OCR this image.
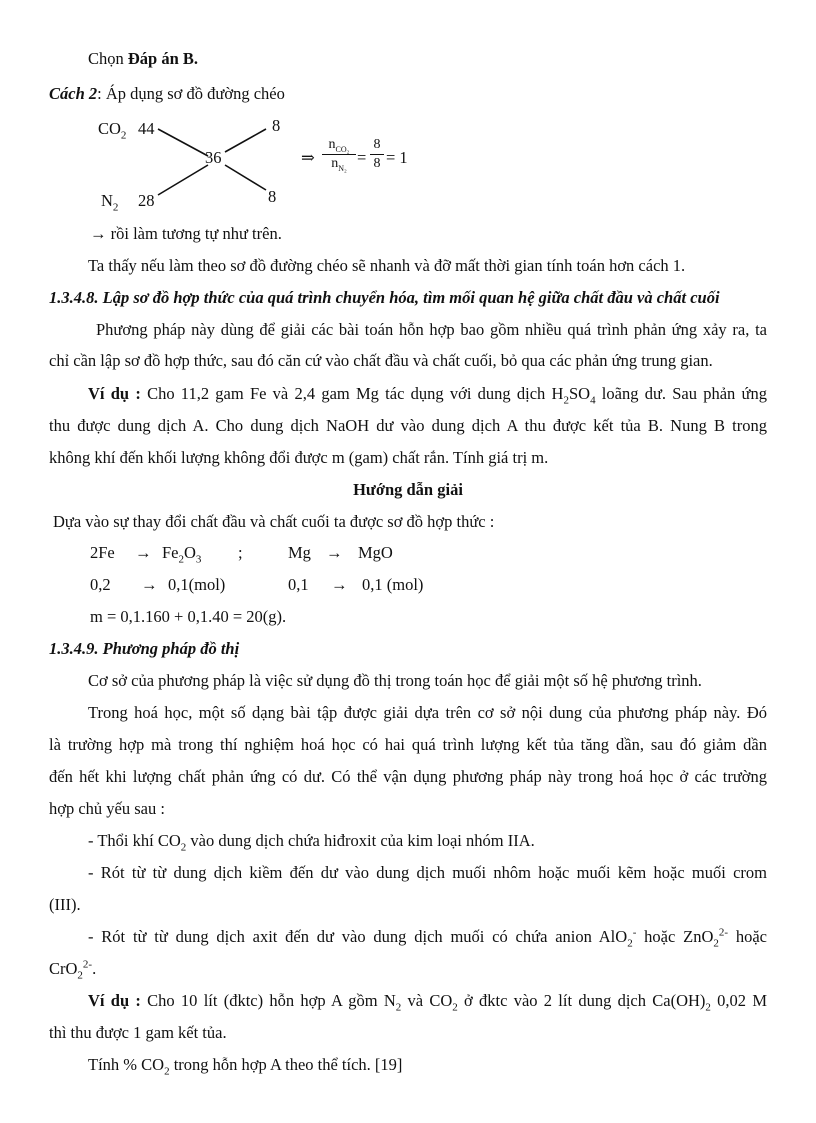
Chọn Đáp án B.
Cách 2: Áp dụng sơ đồ đường chéo
$CO_2$ 44
$N_2$ 28
36
8
8
⇒
$n_{CO_2}$
$n_{N_2}$
= $\frac{8}{8} = 1$
→ rồi làm tương tự như trên.
Ta thấy nếu làm theo sơ đồ đường chéo sẽ nhanh và đỡ mất thời gian tính toán hơn cách 1.
1.3.4.8. Lập sơ đồ hợp thức của quá trình chuyển hóa, tìm mối quan hệ giữa chất đầu và chất cuối
Phương pháp này dùng để giải các bài toán hỗn hợp bao gồm nhiều quá trình phản ứng xảy ra, ta
chỉ cần lập sơ đồ hợp thức, sau đó căn cứ vào chất đầu và chất cuối, bỏ qua các phản ứng trung gian.
Ví dụ : Cho 11,2 gam Fe và 2,4 gam Mg tác dụng với dung dịch $H_2SO_4$ loãng dư. Sau phản ứng
thu được dung dịch A. Cho dung dịch NaOH dư vào dung dịch A thu được kết tủa B. Nung B trong
không khí đến khối lượng không đổi được m (gam) chất rắn. Tính giá trị m.
Hướng dẫn giải
Dựa vào sự thay đổi chất đầu và chất cuối ta được sơ đồ hợp thức :
$2Fe \to Fe_2O_3$ ;	Mg → MgO
0,2 → 0,1(mol)	0,1 → 0,1 (mol)
m = 0,1.160 + 0,1.40 = 20(g).
1.3.4.9. Phương pháp đồ thị
Cơ sở của phương pháp là việc sử dụng đồ thị trong toán học để giải một số hệ phương trình.
Trong hoá học, một số dạng bài tập được giải dựa trên cơ sở nội dung của phương pháp này. Đó
là trường hợp mà trong thí nghiệm hoá học có hai quá trình lượng kết tủa tăng dần, sau đó giảm dần
đến hết khi lượng chất phản ứng có dư. Có thể vận dụng phương pháp này trong hoá học ở các trường
hợp chủ yếu sau :
- Thổi khí $CO_2$ vào dung dịch chứa hiđroxit của kim loại nhóm IIA.
- Rót từ từ dung dịch kiềm đến dư vào dung dịch muối nhôm hoặc muối kẽm hoặc muối crom
(III).
- Rót từ từ dung dịch axit đến dư vào dung dịch muối có chứa anion AlO$_2$- hoặc ZnO$_2^{2-}$ hoặc
CrO$_2^{2-}$.
Ví dụ : Cho 10 lít (đktc) hỗn hợp A gồm $N_2$ và $CO_2$ ở đktc vào 2 lít dung dịch $Ca(OH)_2$ 0,02 M
thì thu được 1 gam kết tủa.
Tính % $CO_2$ trong hỗn hợp A theo thể tích. [19]
